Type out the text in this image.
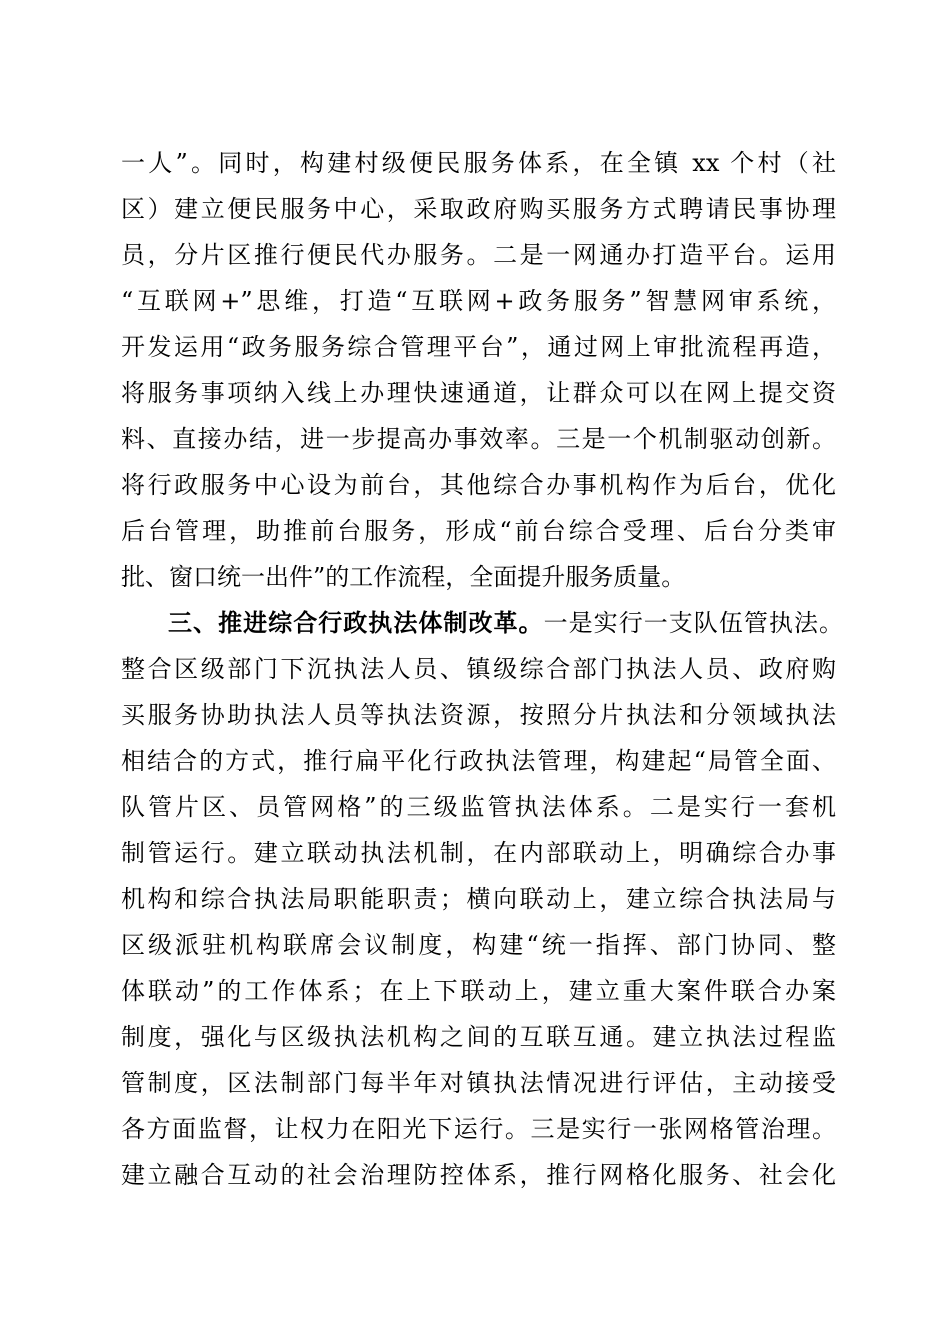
一人”。同时，构建村级便民服务体系，在全镇 xx 个村（社
区）建立便民服务中心，采取政府购买服务方式聘请民事协理
员，分片区推行便民代办服务。二是一网通办打造平台。运用
“互联网+”思维，打造“互联网+政务服务”智慧网审系统，
开发运用“政务服务综合管理平台”，通过网上审批流程再造，
将服务事项纳入线上办理快速通道，让群众可以在网上提交资
料、直接办结，进一步提高办事效率。三是一个机制驱动创新。
将行政服务中心设为前台，其他综合办事机构作为后台，优化
后台管理，助推前台服务，形成“前台综合受理、后台分类审
批、窗口统一出件”的工作流程，全面提升服务质量。
三、推进综合行政执法体制改革。一是实行一支队伍管执法。
整合区级部门下沉执法人员、镇级综合部门执法人员、政府购
买服务协助执法人员等执法资源，按照分片执法和分领域执法
相结合的方式，推行扁平化行政执法管理，构建起“局管全面、
队管片区、员管网格”的三级监管执法体系。二是实行一套机
制管运行。建立联动执法机制，在内部联动上，明确综合办事
机构和综合执法局职能职责；横向联动上，建立综合执法局与
区级派驻机构联席会议制度，构建“统一指挥、部门协同、整
体联动”的工作体系；在上下联动上，建立重大案件联合办案
制度，强化与区级执法机构之间的互联互通。建立执法过程监
管制度，区法制部门每半年对镇执法情况进行评估，主动接受
各方面监督，让权力在阳光下运行。三是实行一张网格管治理。
建立融合互动的社会治理防控体系，推行网格化服务、社会化
